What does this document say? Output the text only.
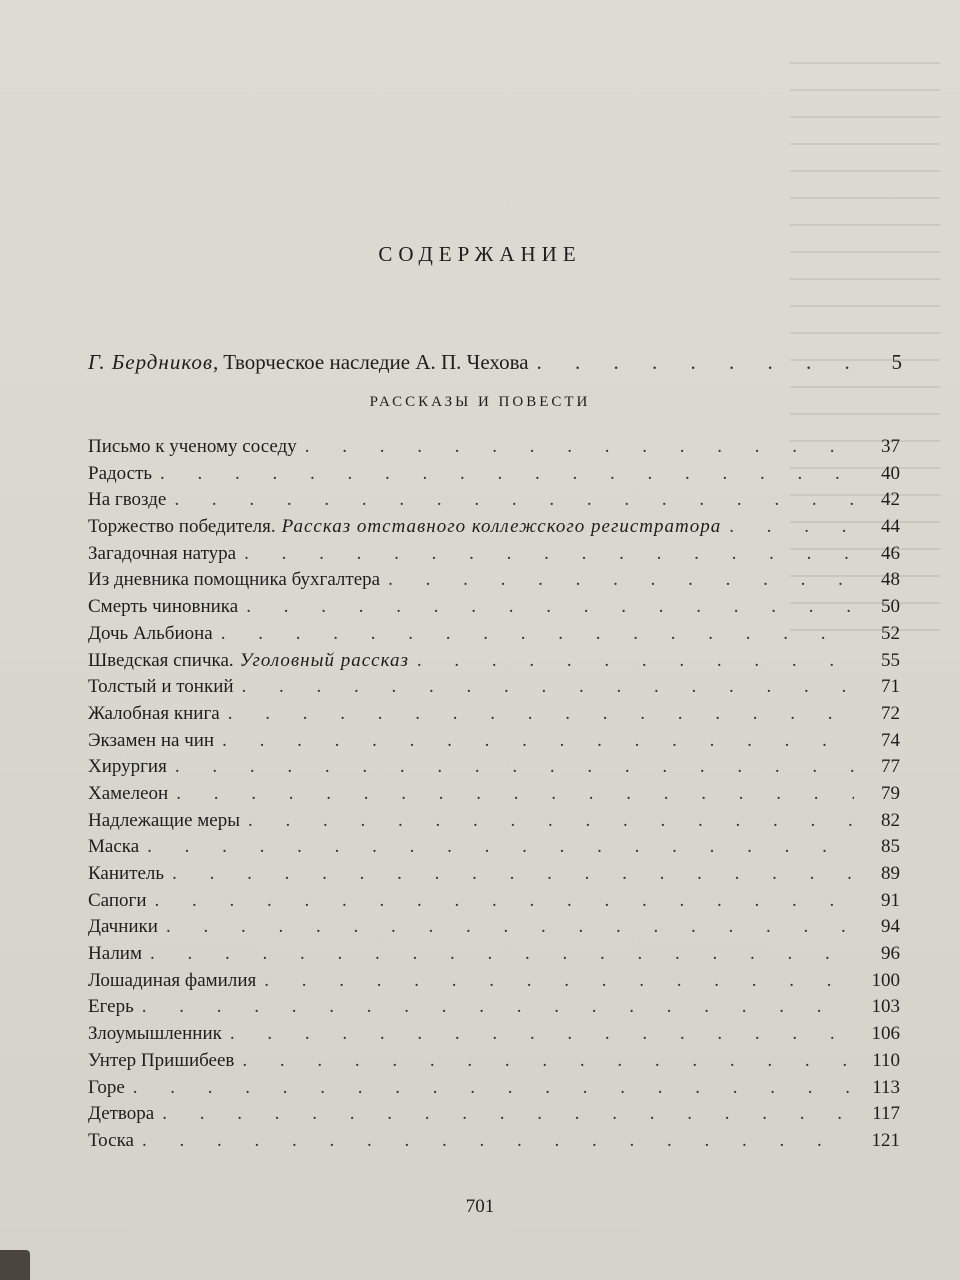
СОДЕРЖАНИЕ
Г. Бердников, Творческое наследие А. П. Чехова . . .	5
РАССКАЗЫ И ПОВЕСТИ
Письмо к ученому соседу . . .	37
Радость . . .	40
На гвозде . . .	42
Торжество победителя. Рассказ отставного коллежского регистратора . . .	44
Загадочная натура . . .	46
Из дневника помощника бухгалтера . . .	48
Смерть чиновника . . .	50
Дочь Альбиона . . .	52
Шведская спичка. Уголовный рассказ . . .	55
Толстый и тонкий . . .	71
Жалобная книга . . .	72
Экзамен на чин . . .	74
Хирургия . . .	77
Хамелеон . . .	79
Надлежащие меры . . .	82
Маска . . .	85
Канитель . . .	89
Сапоги . . .	91
Дачники . . .	94
Налим . . .	96
Лошадиная фамилия . . .	100
Егерь . . .	103
Злоумышленник . . .	106
Унтер Пришибеев . . .	110
Горе . . .	113
Детвора . . .	117
Тоска . . .	121
701
